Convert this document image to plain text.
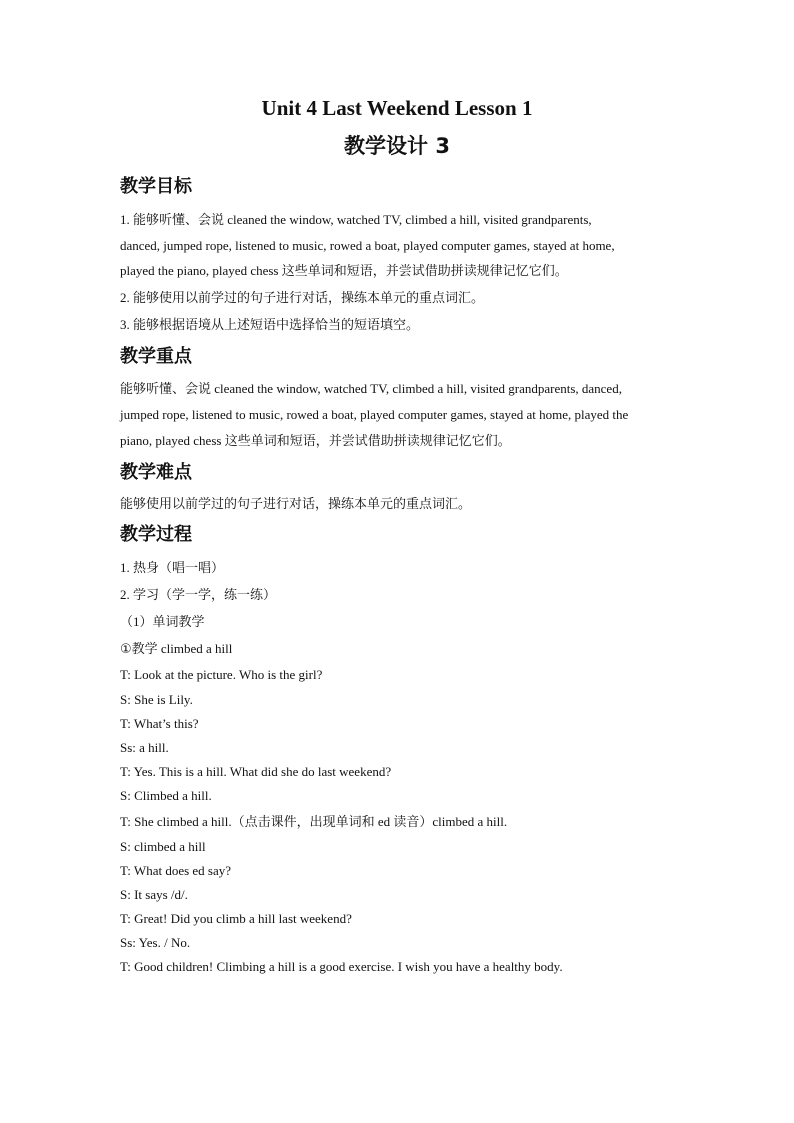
Unit 4 Last Weekend Lesson 1
教学设计 3
教学目标

1. 能够听懂、会说 cleaned the window, watched TV, climbed a hill, visited grandparents,

danced, jumped rope, listened to music, rowed a boat, played computer games, stayed at home,

played the piano, played chess 这些单词和短语，并尝试借助拼读规律记忆它们。

2. 能够使用以前学过的句子进行对话，操练本单元的重点词汇。

3. 能够根据语境从上述短语中选择恰当的短语填空。

教学重点

能够听懂、会说 cleaned the window, watched TV, climbed a hill, visited grandparents, danced,

jumped rope, listened to music, rowed a boat, played computer games, stayed at home, played the

piano, played chess 这些单词和短语，并尝试借助拼读规律记忆它们。

教学难点

能够使用以前学过的句子进行对话，操练本单元的重点词汇。

教学过程

1. 热身（唱一唱）

2. 学习（学一学，练一练）

（1）单词教学

①教学 climbed a hill

T: Look at the picture. Who is the girl?

S: She is Lily.

T: What’s this?

Ss: a hill.

T: Yes. This is a hill. What did she do last weekend?

S: Climbed a hill.

T: She climbed a hill.（点击课件，出现单词和 ed 读音）climbed a hill.

S: climbed a hill

T: What does ed say?

S: It says /d/.

T: Great! Did you climb a hill last weekend?

Ss: Yes. / No.

T: Good children! Climbing a hill is a good exercise. I wish you have a healthy body.
